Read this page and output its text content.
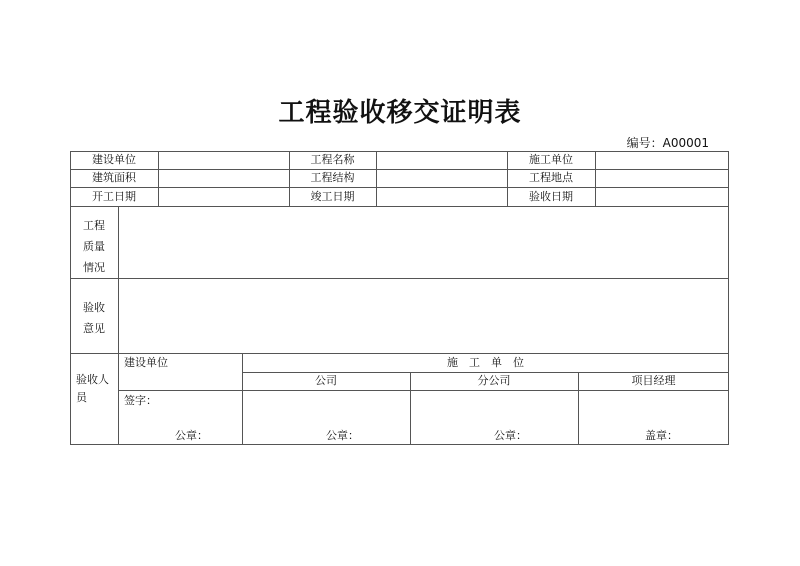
工程验收移交证明表
编号：A00001
建设单位	工程名称	施工单位
建筑面积	工程结构	工程地点
开工日期	竣工日期	验收日期
工程
质量
情况
验收
意见
验收人
员
建设单位	施　工　单　位
公司	分公司	项目经理
签字：
公章：	公章：	公章：	盖章：
